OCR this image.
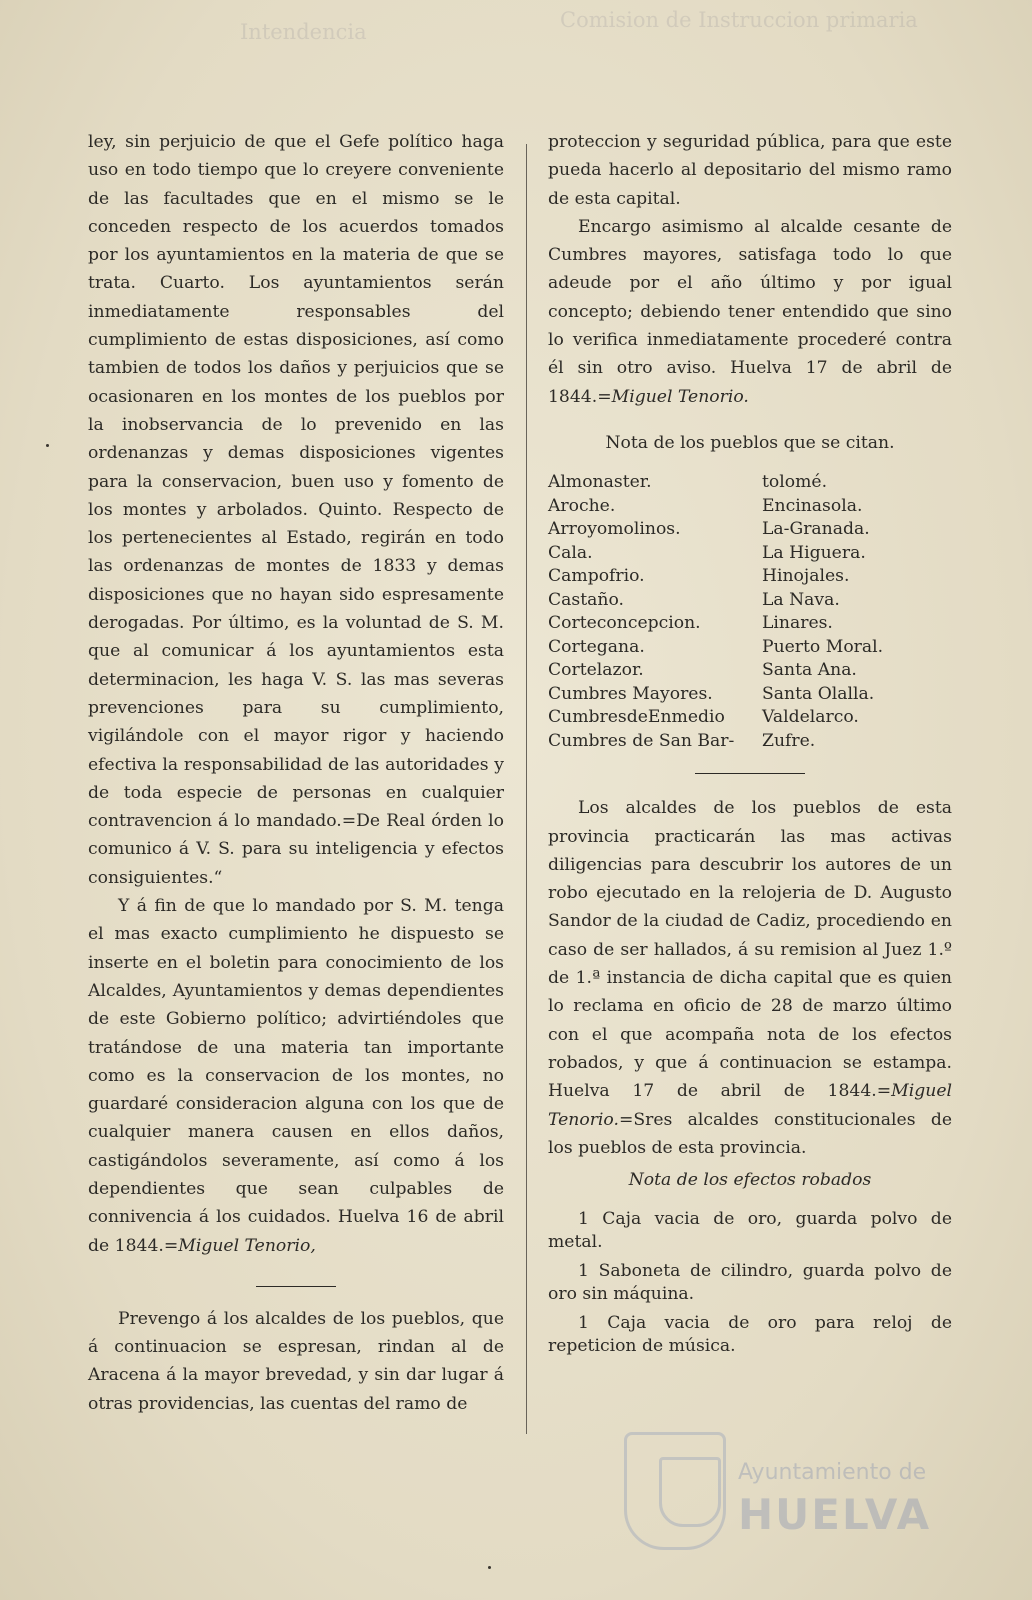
Intendencia	Comision de Instruccion primaria

ley, sin perjuicio de que el Gefe político haga uso en todo tiempo que lo creyere conveniente de las facultades que en el mismo se le conceden respecto de los acuerdos tomados por los ayuntamientos en la materia de que se trata. Cuarto. Los ayuntamientos serán inmediatamente responsables del cumplimiento de estas disposiciones, así como tambien de todos los daños y perjuicios que se ocasionaren en los montes de los pueblos por la inobservancia de lo prevenido en las ordenanzas y demas disposiciones vigentes para la conservacion, buen uso y fomento de los montes y arbolados. Quinto. Respecto de los pertenecientes al Estado, regirán en todo las ordenanzas de montes de 1833 y demas disposiciones que no hayan sido espresamente derogadas. Por último, es la voluntad de S. M. que al comunicar á los ayuntamientos esta determinacion, les haga V. S. las mas severas prevenciones para su cumplimiento, vigilándole con el mayor rigor y haciendo efectiva la responsabilidad de las autoridades y de toda especie de personas en cualquier contravencion á lo mandado.=De Real órden lo comunico á V. S. para su inteligencia y efectos consiguientes.“

Y á fin de que lo mandado por S. M. tenga el mas exacto cumplimiento he dispuesto se inserte en el boletin para conocimiento de los Alcaldes, Ayuntamientos y demas dependientes de este Gobierno político; advirtiéndoles que tratándose de una materia tan importante como es la conservacion de los montes, no guardaré consideracion alguna con los que de cualquier manera causen en ellos daños, castigándolos severamente, así como á los dependientes que sean culpables de connivencia á los cuidados. Huelva 16 de abril de 1844.=Miguel Tenorio,

Prevengo á los alcaldes de los pueblos, que á continuacion se espresan, rindan al de Aracena á la mayor brevedad, y sin dar lugar á otras providencias, las cuentas del ramo de

proteccion y seguridad pública, para que este pueda hacerlo al depositario del mismo ramo de esta capital.

Encargo asimismo al alcalde cesante de Cumbres mayores, satisfaga todo lo que adeude por el año último y por igual concepto; debiendo tener entendido que sino lo verifica inmediatamente procederé contra él sin otro aviso. Huelva 17 de abril de 1844.=Miguel Tenorio.

Nota de los pueblos que se citan.

Almonaster.	tolomé.
Aroche.	Encinasola.
Arroyomolinos.	La-Granada.
Cala.	La Higuera.
Campofrio.	Hinojales.
Castaño.	La Nava.
Corteconcepcion.	Linares.
Cortegana.	Puerto Moral.
Cortelazor.	Santa Ana.
Cumbres Mayores.	Santa Olalla.
CumbresdeEnmedio	Valdelarco.
Cumbres de San Bar-	Zufre.

Los alcaldes de los pueblos de esta provincia practicarán las mas activas diligencias para descubrir los autores de un robo ejecutado en la relojeria de D. Augusto Sandor de la ciudad de Cadiz, procediendo en caso de ser hallados, á su remision al Juez 1.º de 1.ª instancia de dicha capital que es quien lo reclama en oficio de 28 de marzo último con el que acompaña nota de los efectos robados, y que á continuacion se estampa. Huelva 17 de abril de 1844.=Miguel Tenorio.=Sres alcaldes constitucionales de los pueblos de esta provincia.

Nota de los efectos robados

1 Caja vacia de oro, guarda polvo de metal.

1 Saboneta de cilindro, guarda polvo de oro sin máquina.

1 Caja vacia de oro para reloj de repeticion de música.

Ayuntamiento de
HUELVA
